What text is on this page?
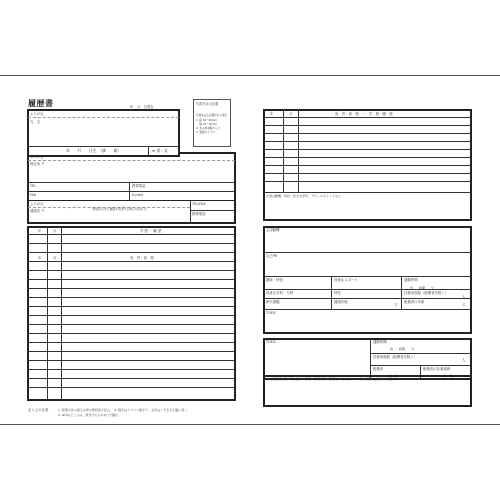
履歴書	年　月　日現在
写真をはる位置
写真をはる必要がある場合
1. 縦 36～40mm
　 横 24～30mm
2. 本人単身胸から上
3. 裏面のりづけ
ふりがな
氏　名
年　　月　　日生　（満　　歳）	※ 男・女
ふりがな
現住所 〒	-	-
TEL	携帯電話
FAX	E-mail
ふりがな
連絡先 〒	（現住所以外に連絡を希望する場合のみ記入）
-
TEL/FAX
携帯電話
年	月	学 歴 ・ 職 歴
年	月	免　許・資　格
記入上の注意	1. 鉛筆以外の黒又は青の筆記具で記入。　2. 数字はアラビア数字で、文字はくずさず正確に書く。
3. ※印のところは、該当するものを○で囲む。
年	月	免　許・資　格　・　学　歴・職　歴
志望の動機、特技、好きな学科、アピールポイントなど
志望動機
自己PR
趣味・特技	得意なスポーツ	通勤時間
約　　時間　　分
得意な学科・分野	特技	扶養家族数（配偶者を除く）
人
研究課題	健康状態	配偶者の年齢
才	才
TOEIC
TOEIC	通勤時間
約　　時間　　分
扶養家族数（配偶者を除く）
人
配偶者	配偶者の扶養義務
※ 有・無	※ 有・無
本人希望記入欄（特に給料・職種・勤務時間・勤務地・その他についての希望などがあれば記入）
